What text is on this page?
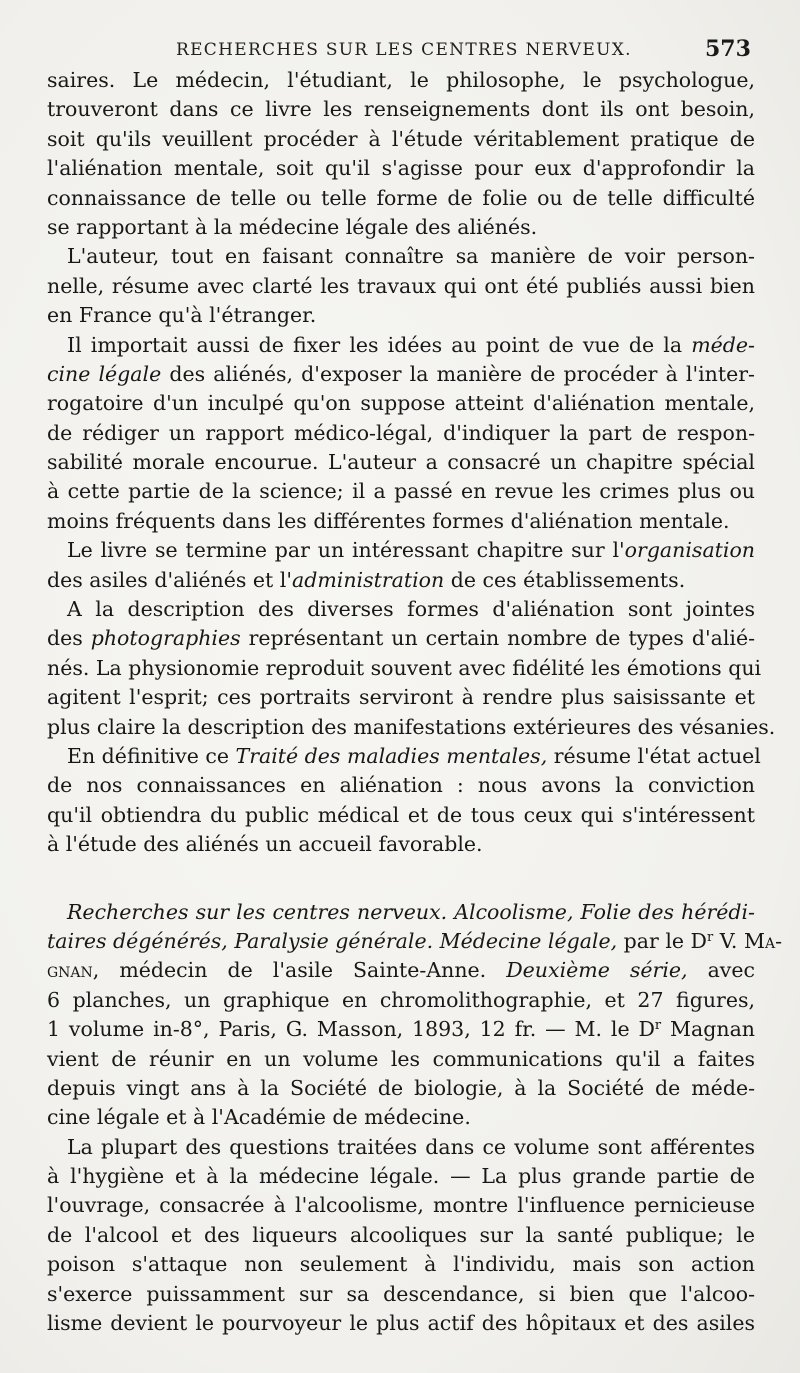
RECHERCHES SUR LES CENTRES NERVEUX.	573
saires. Le médecin, l'étudiant, le philosophe, le psychologue,
trouveront dans ce livre les renseignements dont ils ont besoin,
soit qu'ils veuillent procéder à l'étude véritablement pratique de
l'aliénation mentale, soit qu'il s'agisse pour eux d'approfondir la
connaissance de telle ou telle forme de folie ou de telle difficulté
se rapportant à la médecine légale des aliénés.
L'auteur, tout en faisant connaître sa manière de voir person-
nelle, résume avec clarté les travaux qui ont été publiés aussi bien
en France qu'à l'étranger.
Il importait aussi de fixer les idées au point de vue de la méde-
cine légale des aliénés, d'exposer la manière de procéder à l'inter-
rogatoire d'un inculpé qu'on suppose atteint d'aliénation mentale,
de rédiger un rapport médico-légal, d'indiquer la part de respon-
sabilité morale encourue. L'auteur a consacré un chapitre spécial
à cette partie de la science; il a passé en revue les crimes plus ou
moins fréquents dans les différentes formes d'aliénation mentale.
Le livre se termine par un intéressant chapitre sur l'organisation
des asiles d'aliénés et l'administration de ces établissements.
A la description des diverses formes d'aliénation sont jointes
des photographies représentant un certain nombre de types d'alié-
nés. La physionomie reproduit souvent avec fidélité les émotions qui
agitent l'esprit; ces portraits serviront à rendre plus saisissante et
plus claire la description des manifestations extérieures des vésanies.
En définitive ce Traité des maladies mentales, résume l'état actuel
de nos connaissances en aliénation : nous avons la conviction
qu'il obtiendra du public médical et de tous ceux qui s'intéressent
à l'étude des aliénés un accueil favorable.
Recherches sur les centres nerveux. Alcoolisme, Folie des hérédi-
taires dégénérés, Paralysie générale. Médecine légale, par le $D^r$ V. Ma-
gnan, médecin de l'asile Sainte-Anne. Deuxième série, avec
6 planches, un graphique en chromolithographie, et 27 figures,
1 volume in-8°, Paris, G. Masson, 1893, 12 fr. — M. le $D^r$ Magnan
vient de réunir en un volume les communications qu'il a faites
depuis vingt ans à la Société de biologie, à la Société de méde-
cine légale et à l'Académie de médecine.
La plupart des questions traitées dans ce volume sont afférentes
à l'hygiène et à la médecine légale. — La plus grande partie de
l'ouvrage, consacrée à l'alcoolisme, montre l'influence pernicieuse
de l'alcool et des liqueurs alcooliques sur la santé publique; le
poison s'attaque non seulement à l'individu, mais son action
s'exerce puissamment sur sa descendance, si bien que l'alcoo-
lisme devient le pourvoyeur le plus actif des hôpitaux et des asiles
